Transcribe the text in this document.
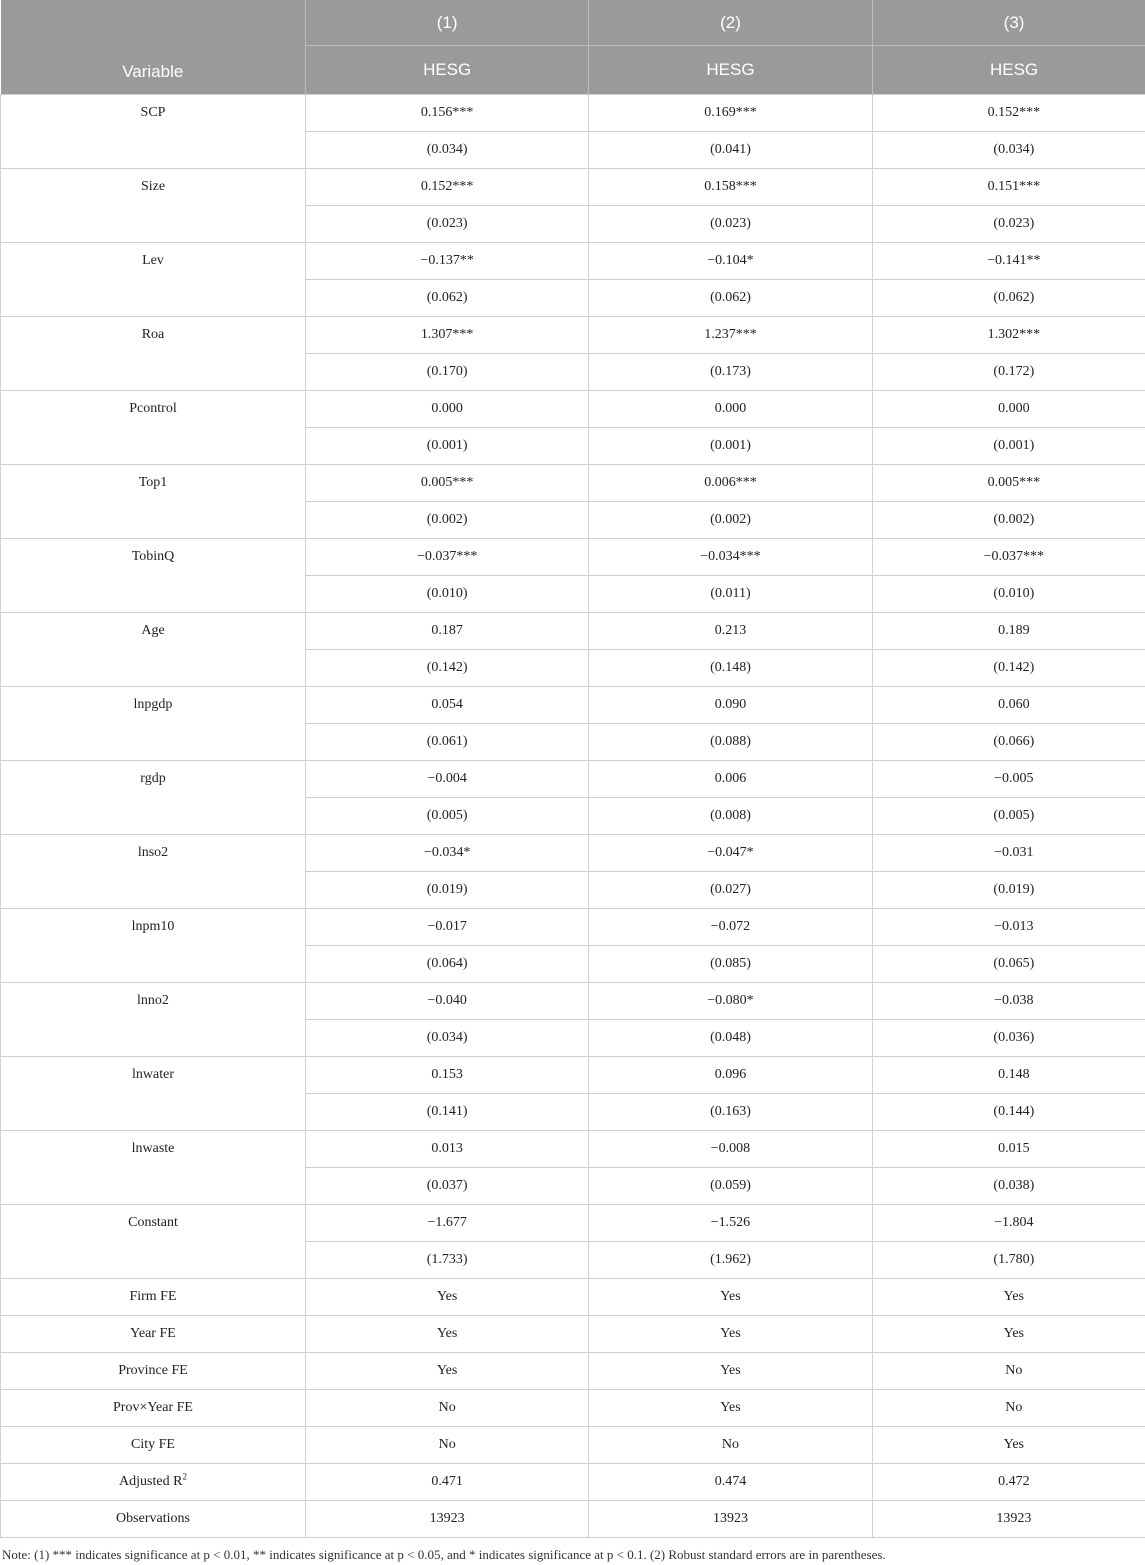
Variable	(1)	(2)	(3)
	HESG	HESG	HESG
SCP	0.156***	0.169***	0.152***
	(0.034)	(0.041)	(0.034)
Size	0.152***	0.158***	0.151***
	(0.023)	(0.023)	(0.023)
Lev	−0.137**	−0.104*	−0.141**
	(0.062)	(0.062)	(0.062)
Roa	1.307***	1.237***	1.302***
	(0.170)	(0.173)	(0.172)
Pcontrol	0.000	0.000	0.000
	(0.001)	(0.001)	(0.001)
Top1	0.005***	0.006***	0.005***
	(0.002)	(0.002)	(0.002)
TobinQ	−0.037***	−0.034***	−0.037***
	(0.010)	(0.011)	(0.010)
Age	0.187	0.213	0.189
	(0.142)	(0.148)	(0.142)
lnpgdp	0.054	0.090	0.060
	(0.061)	(0.088)	(0.066)
rgdp	−0.004	0.006	−0.005
	(0.005)	(0.008)	(0.005)
lnso2	−0.034*	−0.047*	−0.031
	(0.019)	(0.027)	(0.019)
lnpm10	−0.017	−0.072	−0.013
	(0.064)	(0.085)	(0.065)
lnno2	−0.040	−0.080*	−0.038
	(0.034)	(0.048)	(0.036)
lnwater	0.153	0.096	0.148
	(0.141)	(0.163)	(0.144)
lnwaste	0.013	−0.008	0.015
	(0.037)	(0.059)	(0.038)
Constant	−1.677	−1.526	−1.804
	(1.733)	(1.962)	(1.780)
Firm FE	Yes	Yes	Yes
Year FE	Yes	Yes	Yes
Province FE	Yes	Yes	No
Prov×Year FE	No	Yes	No
City FE	No	No	Yes
Adjusted $R^2$	0.471	0.474	0.472
Observations	13923	13923	13923
Note: (1) *** indicates significance at p < 0.01, ** indicates significance at p < 0.05, and * indicates significance at p < 0.1. (2) Robust standard errors are in parentheses.
